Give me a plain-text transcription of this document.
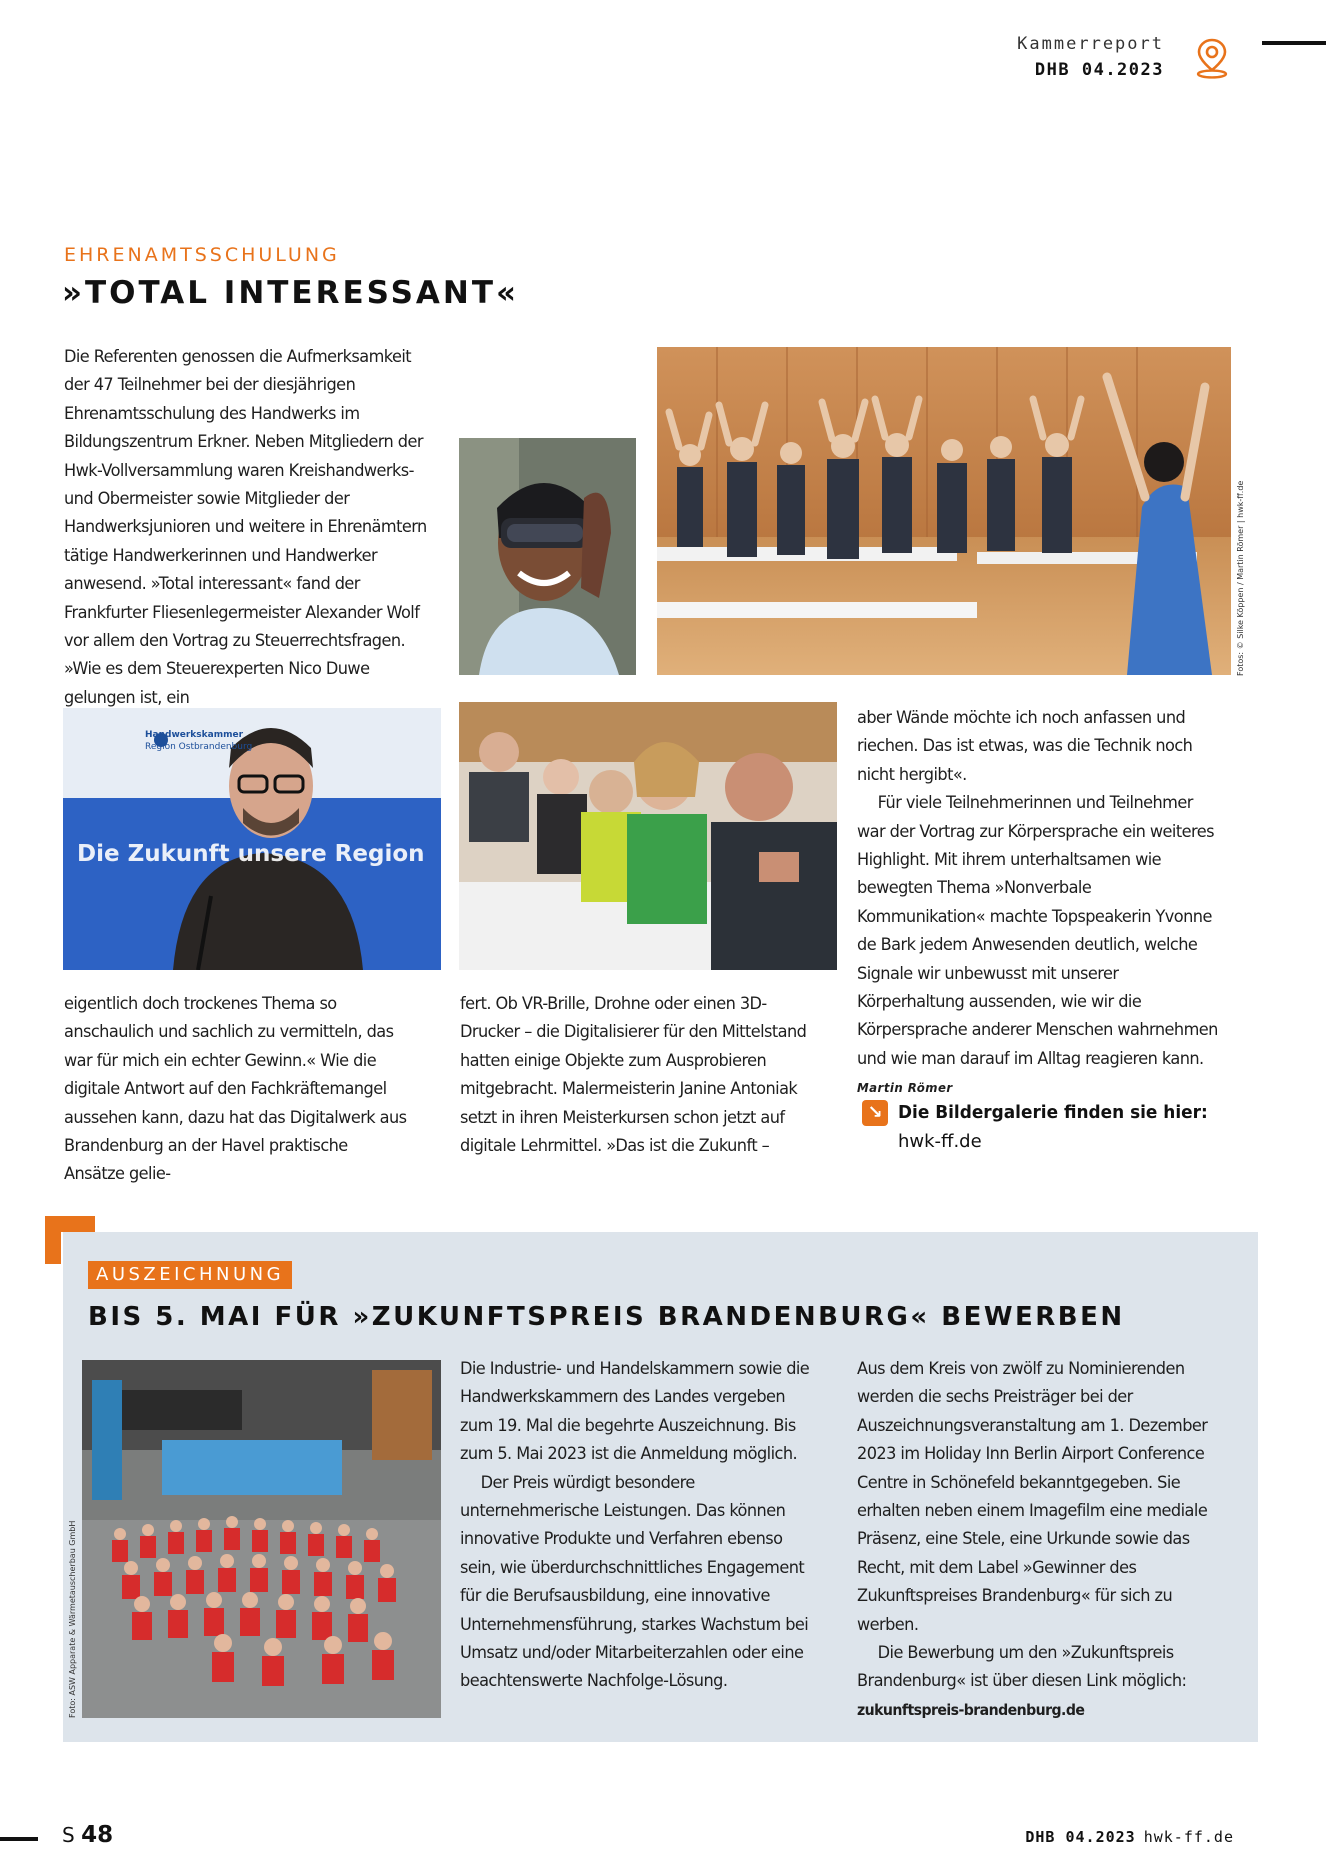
Kammerreport
DHB 04.2023
EHRENAMTSSCHULUNG
»TOTAL INTERESSANT«

Die Referenten genossen die Aufmerksamkeit der 47 Teilnehmer bei der diesjährigen Ehrenamtsschulung des Handwerks im Bildungszentrum Erkner. Neben Mitgliedern der Hwk-Vollversammlung waren Kreishandwerks- und Obermeister sowie Mitglieder der Handwerksjunioren und weitere in Ehrenämtern tätige Handwerkerinnen und Handwerker anwesend. »Total interessant« fand der Frankfurter Fliesenlegermeister Alexander Wolf vor allem den Vortrag zu Steuerrechtsfragen. »Wie es dem Steuerexperten Nico Duwe gelungen ist, ein

Fotos: © Silke Köppen / Martin Römer | hwk-ff.de
Handwerkskammer
Region Ostbrandenburg
Die Zukunft unsere Region

eigentlich doch trockenes Thema so anschaulich und sachlich zu vermitteln, das war für mich ein echter Gewinn.« Wie die digitale Antwort auf den Fachkräftemangel aussehen kann, dazu hat das Digitalwerk aus Brandenburg an der Havel praktische Ansätze gelie-

fert. Ob VR-Brille, Drohne oder einen 3D-Drucker – die Digitalisierer für den Mittelstand hatten einige Objekte zum Ausprobieren mitgebracht. Malermeisterin Janine Antoniak setzt in ihren Meisterkursen schon jetzt auf digitale Lehrmittel. »Das ist die Zukunft –

aber Wände möchte ich noch anfassen und riechen. Das ist etwas, was die Technik noch nicht hergibt«.

Für viele Teilnehmerinnen und Teilnehmer war der Vortrag zur Körpersprache ein weiteres Highlight. Mit ihrem unterhaltsamen wie bewegten Thema »Nonverbale Kommunikation« machte Topspeakerin Yvonne de Bark jedem Anwesenden deutlich, welche Signale wir unbewusst mit unserer Körperhaltung aussenden, wie wir die Körpersprache anderer Menschen wahrnehmen und wie man darauf im Alltag reagieren kann. Martin Römer

↘ Die Bildergalerie finden sie hier:
hwk-ff.de
AUSZEICHNUNG
BIS 5. MAI FÜR »ZUKUNFTSPREIS BRANDENBURG« BEWERBEN
Foto: ASW Apparate & Wärmetauscherbau GmbH

Die Industrie- und Handelskammern sowie die Handwerkskammern des Landes vergeben zum 19. Mal die begehrte Auszeichnung. Bis zum 5. Mai 2023 ist die Anmeldung möglich.

Der Preis würdigt besondere unternehmerische Leistungen. Das können innovative Produkte und Verfahren ebenso sein, wie überdurchschnittliches Engagement für die Berufsausbildung, eine innovative Unternehmensführung, starkes Wachstum bei Umsatz und/oder Mitarbeiterzahlen oder eine beachtenswerte Nachfolge-Lösung.

Aus dem Kreis von zwölf zu Nominierenden werden die sechs Preisträger bei der Auszeichnungsveranstaltung am 1. Dezember 2023 im Holiday Inn Berlin Airport Conference Centre in Schönefeld bekanntgegeben. Sie erhalten neben einem Imagefilm eine mediale Präsenz, eine Stele, eine Urkunde sowie das Recht, mit dem Label »Gewinner des Zukunftspreises Brandenburg« für sich zu werben.

Die Bewerbung um den »Zukunftspreis Brandenburg« ist über diesen Link möglich:

zukunftspreis-brandenburg.de

S 48	DHB 04.2023 hwk-ff.de
